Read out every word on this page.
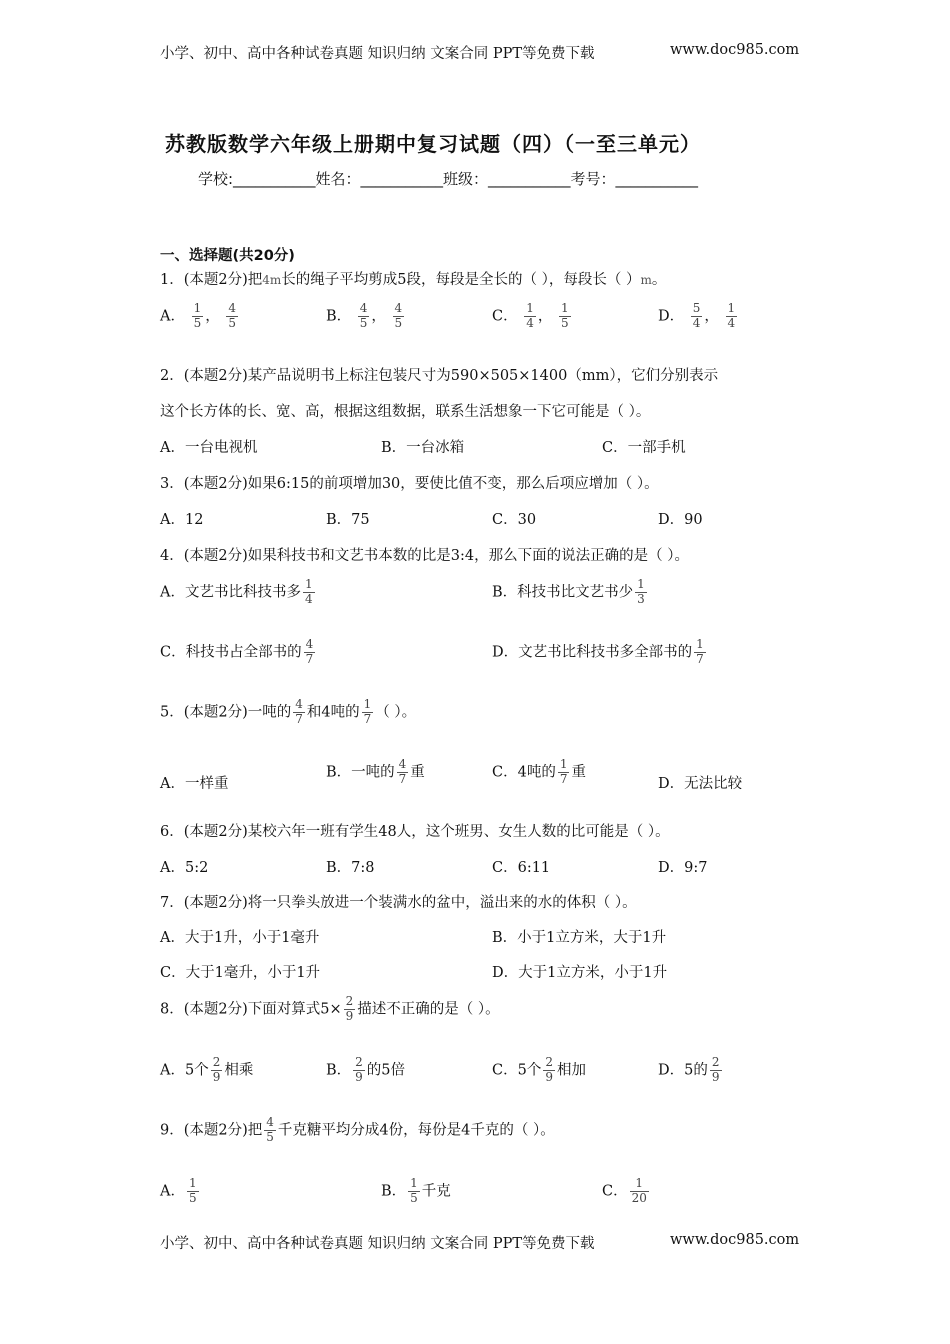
小学、初中、高中各种试卷真题 知识归纳 文案合同 PPT等免费下载	www.doc985.com
苏教版数学六年级上册期中复习试题（四）（一至三单元）
学校:___________姓名：___________班级：___________考号：___________
一、选择题(共20分)
1．(本题2分)把4m长的绳子平均剪成5段，每段是全长的（ ），每段长（ ）m。
A． $\frac{1}{5}$ ， $\frac{4}{5}$	B． $\frac{4}{5}$ ， $\frac{4}{5}$	C． $\frac{1}{4}$ ， $\frac{1}{5}$	D． $\frac{5}{4}$ ， $\frac{1}{4}$
2．(本题2分)某产品说明书上标注包装尺寸为590×505×1400（mm），它们分别表示
这个长方体的长、宽、高，根据这组数据，联系生活想象一下它可能是（ ）。
A．一台电视机	B．一台冰箱	C．一部手机
3．(本题2分)如果6:15的前项增加30，要使比值不变，那么后项应增加（ ）。
A．12	B．75	C．30	D．90
4．(本题2分)如果科技书和文艺书本数的比是3:4，那么下面的说法正确的是（ ）。
A．文艺书比科技书多 $\frac{1}{4}$	B．科技书比文艺书少 $\frac{1}{3}$
C．科技书占全部书的 $\frac{4}{7}$	D．文艺书比科技书多全部书的 $\frac{1}{7}$
5．(本题2分)一吨的 $\frac{4}{7}$ 和4吨的 $\frac{1}{7}$ （ ）。
A．一样重
B．一吨的 $\frac{4}{7}$ 重	C．4吨的 $\frac{1}{7}$ 重
D．无法比较
6．(本题2分)某校六年一班有学生48人，这个班男、女生人数的比可能是（ ）。
A．5:2	B．7:8	C．6:11	D．9:7
7．(本题2分)将一只拳头放进一个装满水的盆中，溢出来的水的体积（ ）。
A．大于1升，小于1毫升	B．小于1立方米，大于1升
C．大于1毫升，小于1升	D．大于1立方米，小于1升
8．(本题2分)下面对算式$5\times \frac{2}{9}$ 描述不正确的是（ ）。
A．5个 $\frac{2}{9}$ 相乘	B． $\frac{2}{9}$ 的5倍	C．5个 $\frac{2}{9}$ 相加	D．5的 $\frac{2}{9}$
9．(本题2分)把 $\frac{4}{5}$ 千克糖平均分成4份，每份是4千克的（ ）。
A． $\frac{1}{5}$	B． $\frac{1}{5}$ 千克	C． $\frac{1}{20}$
小学、初中、高中各种试卷真题 知识归纳 文案合同 PPT等免费下载	www.doc985.com
